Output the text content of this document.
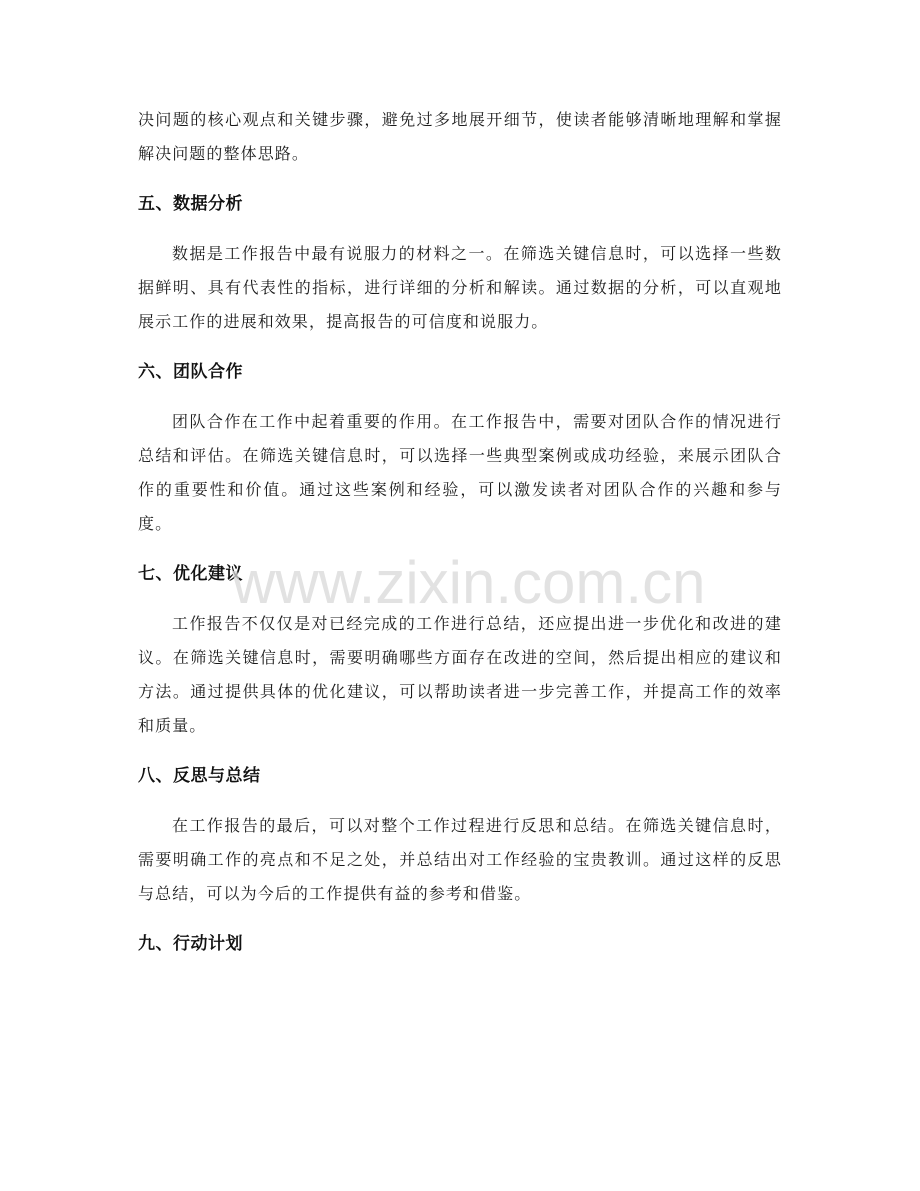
决问题的核心观点和关键步骤，避免过多地展开细节，使读者能够清晰地理解和掌握解决问题的整体思路。

五、数据分析

数据是工作报告中最有说服力的材料之一。在筛选关键信息时，可以选择一些数据鲜明、具有代表性的指标，进行详细的分析和解读。通过数据的分析，可以直观地展示工作的进展和效果，提高报告的可信度和说服力。

六、团队合作

团队合作在工作中起着重要的作用。在工作报告中，需要对团队合作的情况进行总结和评估。在筛选关键信息时，可以选择一些典型案例或成功经验，来展示团队合作的重要性和价值。通过这些案例和经验，可以激发读者对团队合作的兴趣和参与度。

七、优化建议

工作报告不仅仅是对已经完成的工作进行总结，还应提出进一步优化和改进的建议。在筛选关键信息时，需要明确哪些方面存在改进的空间，然后提出相应的建议和方法。通过提供具体的优化建议，可以帮助读者进一步完善工作，并提高工作的效率和质量。

八、反思与总结

在工作报告的最后，可以对整个工作过程进行反思和总结。在筛选关键信息时，需要明确工作的亮点和不足之处，并总结出对工作经验的宝贵教训。通过这样的反思与总结，可以为今后的工作提供有益的参考和借鉴。

九、行动计划
www.zixin.com.cn
